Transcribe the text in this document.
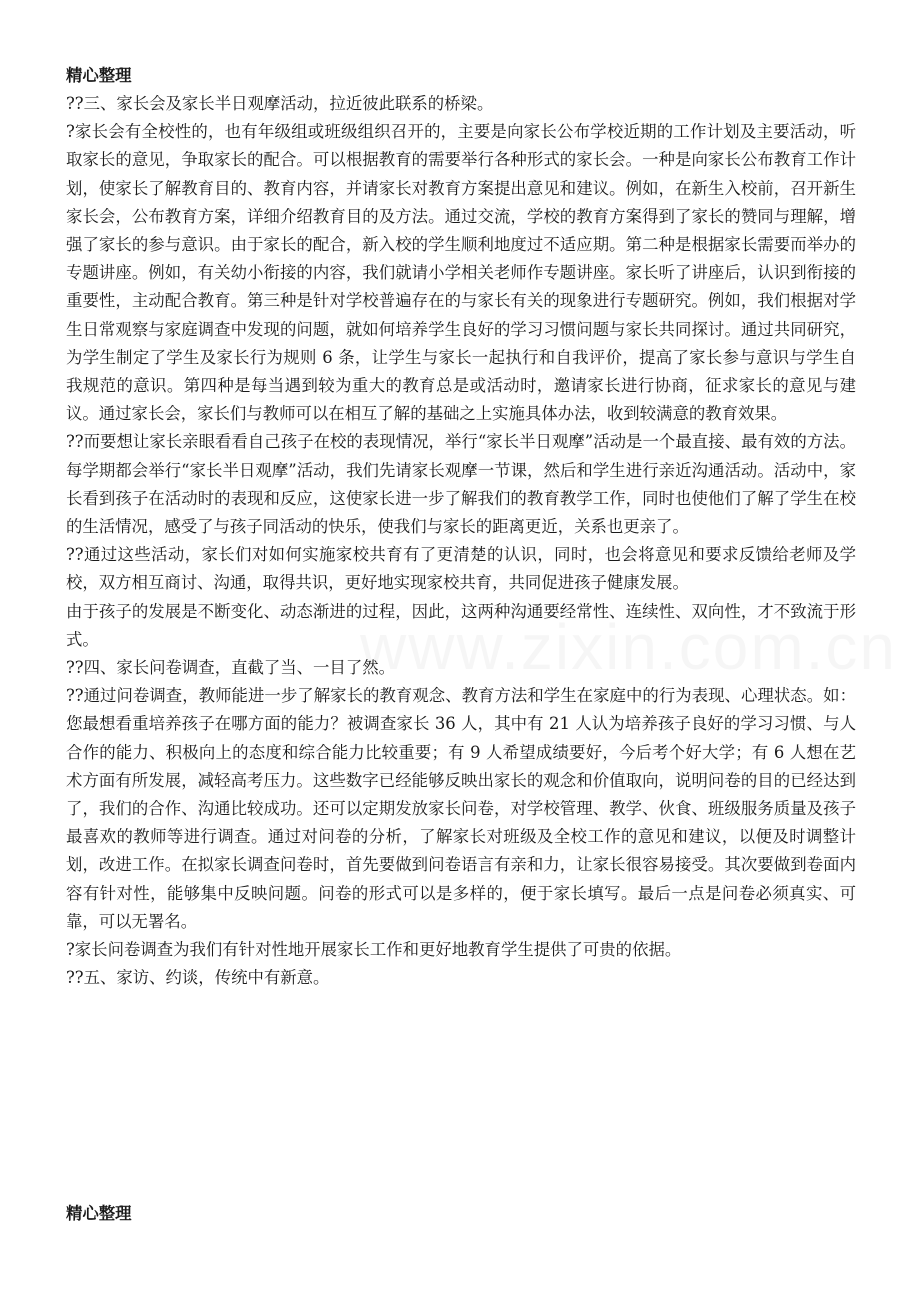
精心整理

??三、家长会及家长半日观摩活动，拉近彼此联系的桥梁。

?家长会有全校性的，也有年级组或班级组织召开的，主要是向家长公布学校近期的工作计划及主要活动，听取家长的意见，争取家长的配合。可以根据教育的需要举行各种形式的家长会。一种是向家长公布教育工作计划，使家长了解教育目的、教育内容，并请家长对教育方案提出意见和建议。例如，在新生入校前，召开新生家长会，公布教育方案，详细介绍教育目的及方法。通过交流，学校的教育方案得到了家长的赞同与理解，增强了家长的参与意识。由于家长的配合，新入校的学生顺利地度过不适应期。第二种是根据家长需要而举办的专题讲座。例如，有关幼小衔接的内容，我们就请小学相关老师作专题讲座。家长听了讲座后，认识到衔接的重要性，主动配合教育。第三种是针对学校普遍存在的与家长有关的现象进行专题研究。例如，我们根据对学生日常观察与家庭调查中发现的问题，就如何培养学生良好的学习习惯问题与家长共同探讨。通过共同研究，为学生制定了学生及家长行为规则 6 条，让学生与家长一起执行和自我评价，提高了家长参与意识与学生自我规范的意识。第四种是每当遇到较为重大的教育总是或活动时，邀请家长进行协商，征求家长的意见与建议。通过家长会，家长们与教师可以在相互了解的基础之上实施具体办法，收到较满意的教育效果。

??而要想让家长亲眼看看自己孩子在校的表现情况，举行“家长半日观摩”活动是一个最直接、最有效的方法。每学期都会举行“家长半日观摩”活动，我们先请家长观摩一节课，然后和学生进行亲近沟通活动。活动中，家长看到孩子在活动时的表现和反应，这使家长进一步了解我们的教育教学工作，同时也使他们了解了学生在校的生活情况，感受了与孩子同活动的快乐，使我们与家长的距离更近，关系也更亲了。

??通过这些活动，家长们对如何实施家校共育有了更清楚的认识，同时，也会将意见和要求反馈给老师及学校，双方相互商讨、沟通，取得共识，更好地实现家校共育，共同促进孩子健康发展。

由于孩子的发展是不断变化、动态渐进的过程，因此，这两种沟通要经常性、连续性、双向性，才不致流于形式。

??四、家长问卷调查，直截了当、一目了然。

??通过问卷调查，教师能进一步了解家长的教育观念、教育方法和学生在家庭中的行为表现、心理状态。如：您最想看重培养孩子在哪方面的能力？被调查家长 36 人，其中有 21 人认为培养孩子良好的学习习惯、与人合作的能力、积极向上的态度和综合能力比较重要；有 9 人希望成绩要好，今后考个好大学；有 6 人想在艺术方面有所发展，减轻高考压力。这些数字已经能够反映出家长的观念和价值取向，说明问卷的目的已经达到了，我们的合作、沟通比较成功。还可以定期发放家长问卷，对学校管理、教学、伙食、班级服务质量及孩子最喜欢的教师等进行调查。通过对问卷的分析，了解家长对班级及全校工作的意见和建议，以便及时调整计划，改进工作。在拟家长调查问卷时，首先要做到问卷语言有亲和力，让家长很容易接受。其次要做到卷面内容有针对性，能够集中反映问题。问卷的形式可以是多样的，便于家长填写。最后一点是问卷必须真实、可靠，可以无署名。

?家长问卷调查为我们有针对性地开展家长工作和更好地教育学生提供了可贵的依据。

??五、家访、约谈，传统中有新意。

精心整理
